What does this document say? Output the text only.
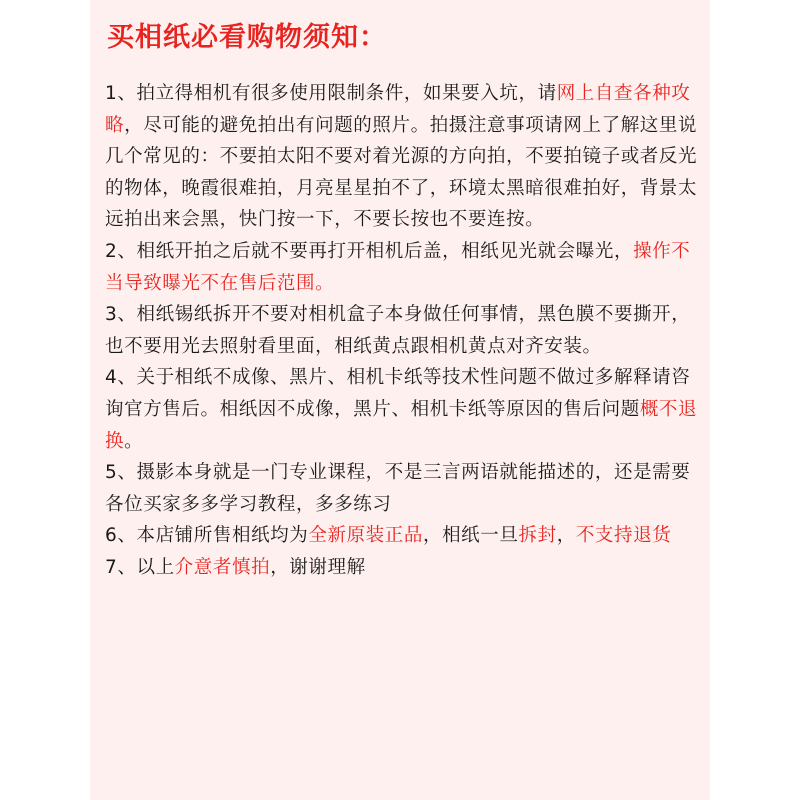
买相纸必看购物须知：

1、拍立得相机有很多使用限制条件，如果要入坑，请网上自查各种攻略，尽可能的避免拍出有问题的照片。拍摄注意事项请网上了解这里说几个常见的：不要拍太阳不要对着光源的方向拍，不要拍镜子或者反光的物体，晚霞很难拍，月亮星星拍不了，环境太黑暗很难拍好，背景太远拍出来会黑，快门按一下，不要长按也不要连按。

2、相纸开拍之后就不要再打开相机后盖，相纸见光就会曝光，操作不当导致曝光不在售后范围。

3、相纸锡纸拆开不要对相机盒子本身做任何事情，黑色膜不要撕开，也不要用光去照射看里面，相纸黄点跟相机黄点对齐安装。

4、关于相纸不成像、黑片、相机卡纸等技术性问题不做过多解释请咨询官方售后。相纸因不成像，黑片、相机卡纸等原因的售后问题概不退换。

5、摄影本身就是一门专业课程，不是三言两语就能描述的，还是需要各位买家多多学习教程，多多练习

6、本店铺所售相纸均为全新原装正品，相纸一旦拆封，不支持退货

7、以上介意者慎拍，谢谢理解
